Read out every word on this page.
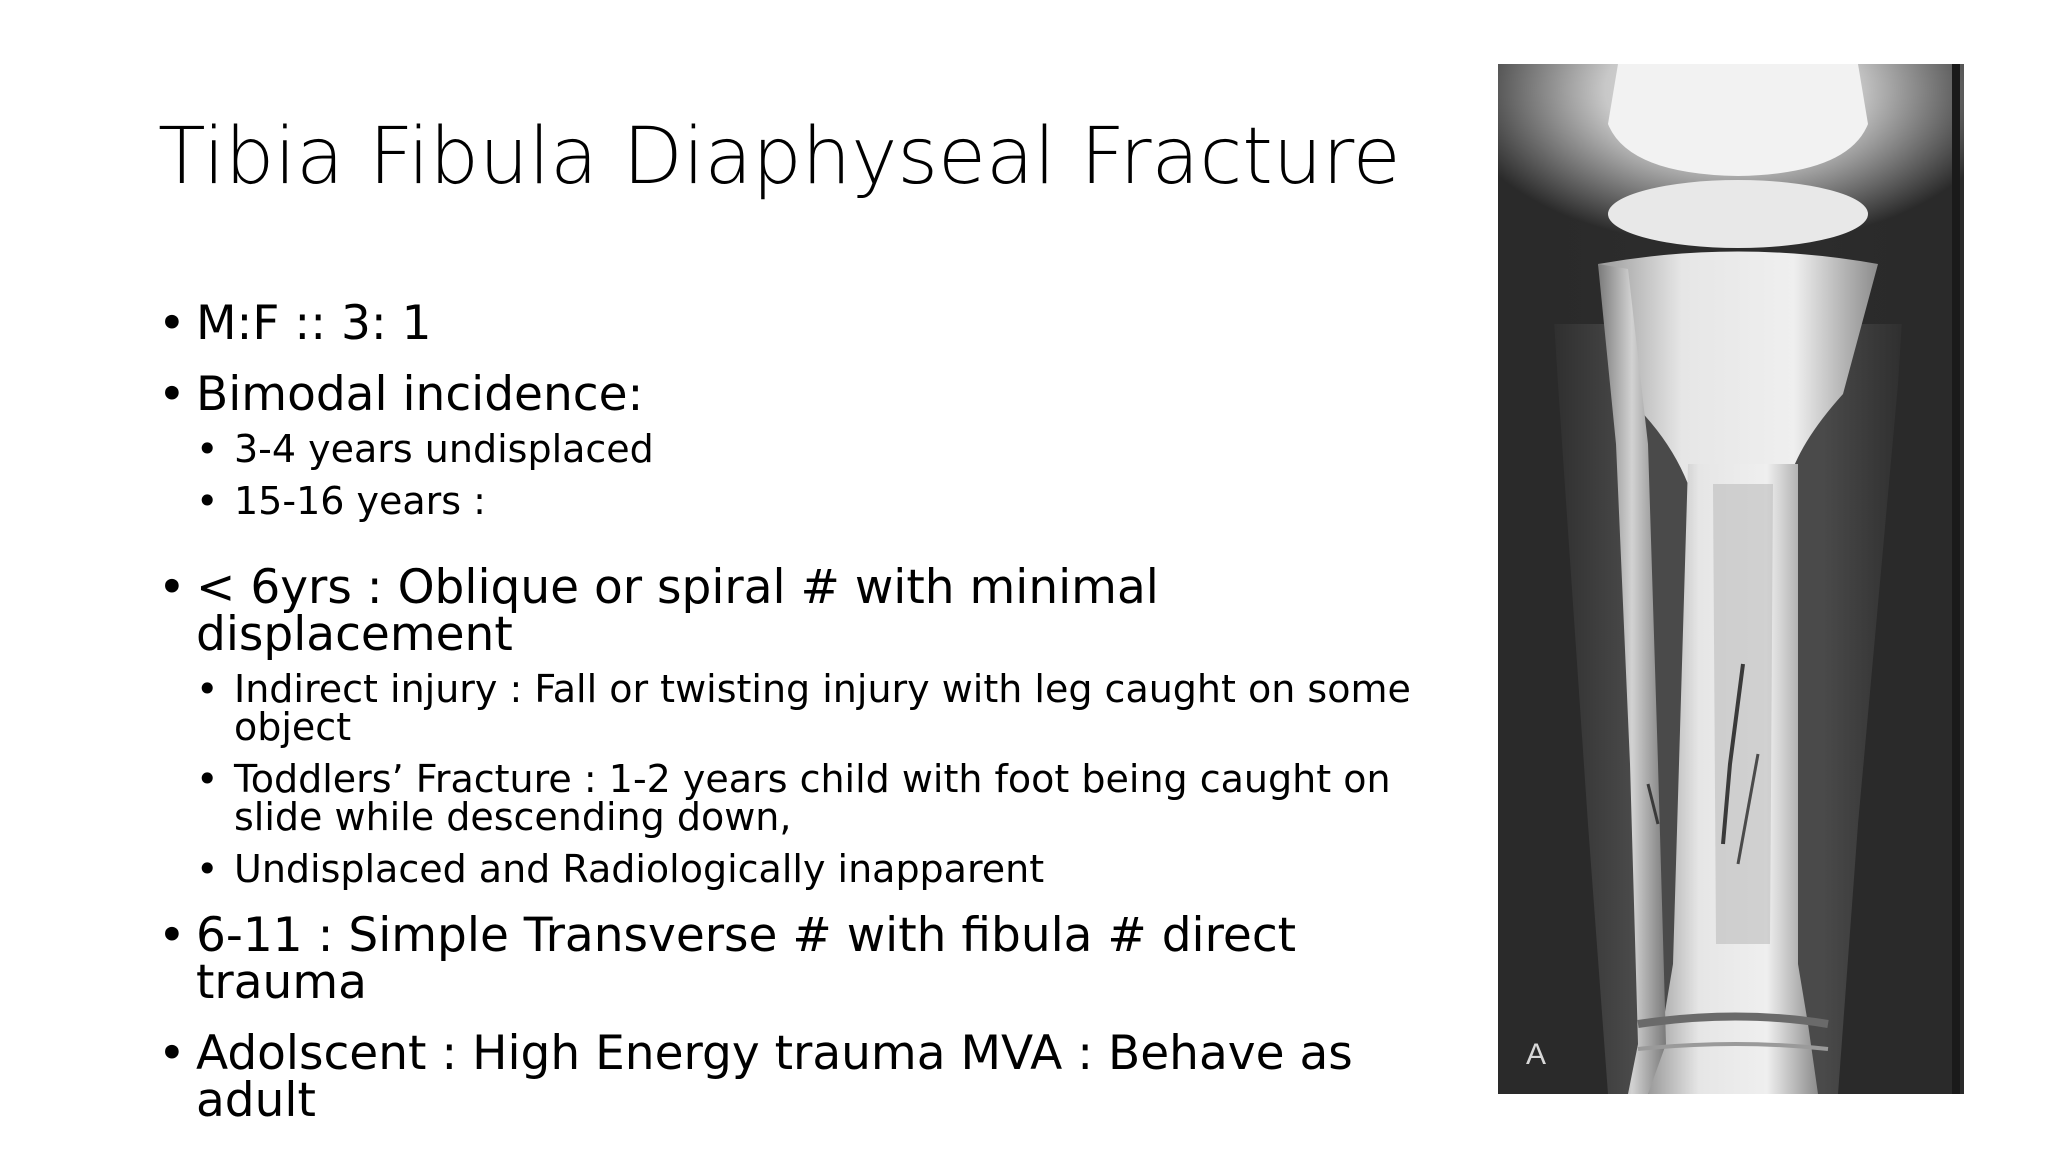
Tibia Fibula Diaphyseal Fracture
• M:F :: 3: 1
• Bimodal incidence:
• 3-4 years undisplaced
• 15-16 years :
• < 6yrs : Oblique or spiral # with minimal displacement
• Indirect injury : Fall or twisting injury with leg caught on some object
• Toddlers’ Fracture : 1-2 years child with foot being caught on slide while descending down,
• Undisplaced and Radiologically inapparent
• 6-11 : Simple Transverse # with fibula # direct trauma
• Adolscent : High Energy trauma MVA : Behave as adult
A
